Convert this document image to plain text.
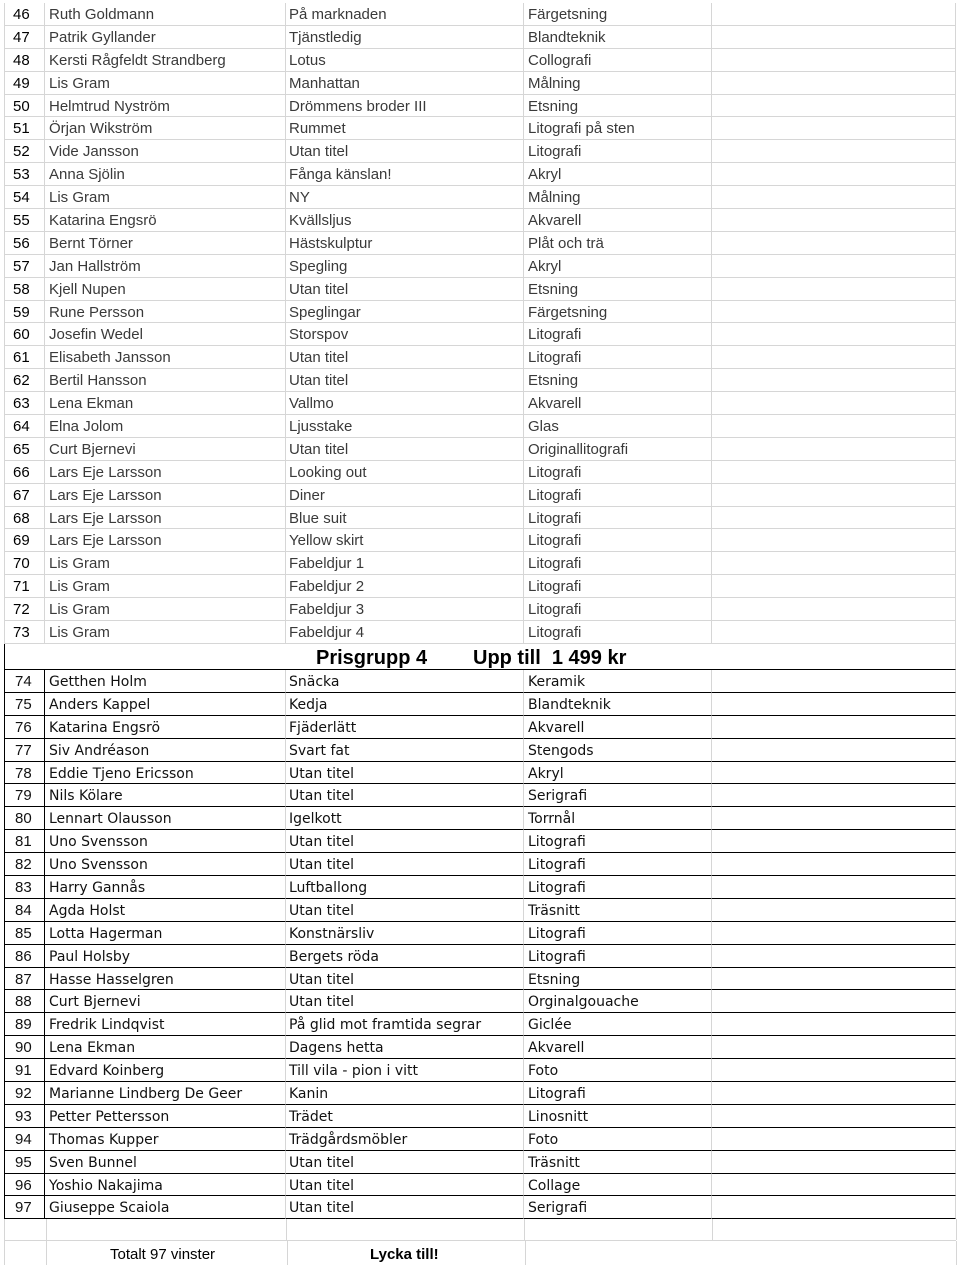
46	Ruth Goldmann	På marknaden	Färgetsning
47	Patrik Gyllander	Tjänstledig	Blandteknik
48	Kersti Rågfeldt Strandberg	Lotus	Collografi
49	Lis Gram	Manhattan	Målning
50	Helmtrud Nyström	Drömmens broder III	Etsning
51	Örjan Wikström	Rummet	Litografi på sten
52	Vide Jansson	Utan titel	Litografi
53	Anna Sjölin	Fånga känslan!	Akryl
54	Lis Gram	NY	Målning
55	Katarina Engsrö	Kvällsljus	Akvarell
56	Bernt Törner	Hästskulptur	Plåt och trä
57	Jan Hallström	Spegling	Akryl
58	Kjell Nupen	Utan titel	Etsning
59	Rune Persson	Speglingar	Färgetsning
60	Josefin Wedel	Storspov	Litografi
61	Elisabeth Jansson	Utan titel	Litografi
62	Bertil Hansson	Utan titel	Etsning
63	Lena Ekman	Vallmo	Akvarell
64	Elna Jolom	Ljusstake	Glas
65	Curt Bjernevi	Utan titel	Originallitografi
66	Lars Eje Larsson	Looking out	Litografi
67	Lars Eje Larsson	Diner	Litografi
68	Lars Eje Larsson	Blue suit	Litografi
69	Lars Eje Larsson	Yellow skirt	Litografi
70	Lis Gram	Fabeldjur 1	Litografi
71	Lis Gram	Fabeldjur 2	Litografi
72	Lis Gram	Fabeldjur 3	Litografi
73	Lis Gram	Fabeldjur 4	Litografi
Prisgrupp 4 Upp till  1 499 kr
74	Getthen Holm	Snäcka	Keramik
75	Anders Kappel	Kedja	Blandteknik
76	Katarina Engsrö	Fjäderlätt	Akvarell
77	Siv Andréason	Svart fat	Stengods
78	Eddie Tjeno Ericsson	Utan titel	Akryl
79	Nils Kölare	Utan titel	Serigrafi
80	Lennart Olausson	Igelkott	Torrnål
81	Uno Svensson	Utan titel	Litografi
82	Uno Svensson	Utan titel	Litografi
83	Harry Gannås	Luftballong	Litografi
84	Agda Holst	Utan titel	Träsnitt
85	Lotta Hagerman	Konstnärsliv	Litografi
86	Paul Holsby	Bergets röda	Litografi
87	Hasse Hasselgren	Utan titel	Etsning
88	Curt Bjernevi	Utan titel	Orginalgouache
89	Fredrik Lindqvist	På glid mot framtida segrar	Giclée
90	Lena Ekman	Dagens hetta	Akvarell
91	Edvard Koinberg	Till vila - pion i vitt	Foto
92	Marianne Lindberg De Geer	Kanin	Litografi
93	Petter Pettersson	Trädet	Linosnitt
94	Thomas Kupper	Trädgårdsmöbler	Foto
95	Sven Bunnel	Utan titel	Träsnitt
96	Yoshio Nakajima	Utan titel	Collage
97	Giuseppe Scaiola	Utan titel	Serigrafi
Totalt 97 vinster	Lycka till!
